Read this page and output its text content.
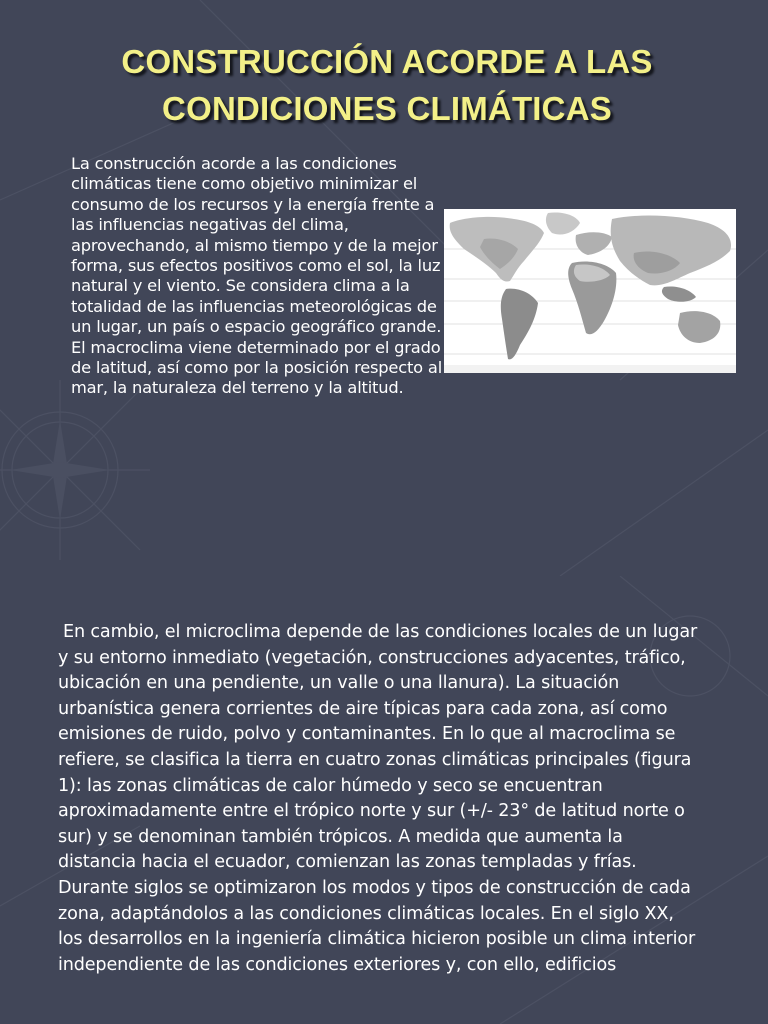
CONSTRUCCIÓN ACORDE A LAS CONDICIONES CLIMÁTICAS

La construcción acorde a las condiciones climáticas tiene como objetivo minimizar el consumo de los recursos y la energía frente a las influencias negativas del clima, aprovechando, al mismo tiempo y de la mejor forma, sus efectos positivos como el sol, la luz natural y el viento. Se considera clima a la totalidad de las influencias meteorológicas de un lugar, un país o espacio geográfico grande. El macroclima viene determinado por el grado de latitud, así como por la posición respecto al mar, la naturaleza del terreno y la altitud.

En cambio, el microclima depende de las condiciones locales de un lugar y su entorno inmediato (vegetación, construcciones adyacentes, tráfico, ubicación en una pendiente, un valle o una llanura). La situación urbanística genera corrientes de aire típicas para cada zona, así como emisiones de ruido, polvo y contaminantes. En lo que al macroclima se refiere, se clasifica la tierra en cuatro zonas climáticas principales (figura 1): las zonas climáticas de calor húmedo y seco se encuentran aproximadamente entre el trópico norte y sur (+/- 23° de latitud norte o sur) y se denominan también trópicos. A medida que aumenta la distancia hacia el ecuador, comienzan las zonas templadas y frías. Durante siglos se optimizaron los modos y tipos de construcción de cada zona, adaptándolos a las condiciones climáticas locales. En el siglo XX, los desarrollos en la ingeniería climática hicieron posible un clima interior independiente de las condiciones exteriores y, con ello, edificios
